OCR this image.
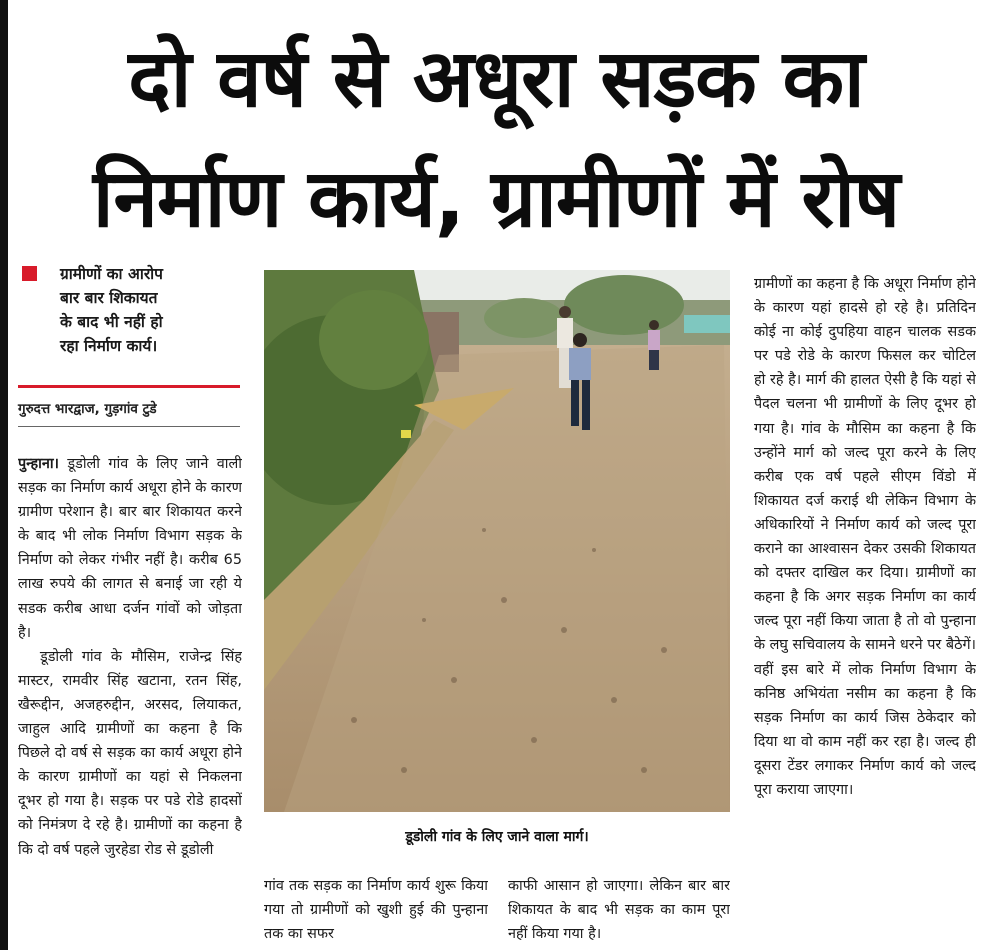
दो वर्ष से अधूरा सड़क का
निर्माण कार्य, ग्रामीणों में रोष
ग्रामीणों का आरोप
बार बार शिकायत
के बाद भी नहीं हो
रहा निर्माण कार्य।
गुरुदत्त भारद्वाज, गुड़गांव टुडे

पुन्हाना। डूडोली गांव के लिए जाने वाली सड़क का निर्माण कार्य अधूरा होने के कारण ग्रामीण परेशान है। बार बार शिकायत करने के बाद भी लोक निर्माण विभाग सड़क के निर्माण को लेकर गंभीर नहीं है। करीब 65 लाख रुपये की लागत से बनाई जा रही ये सडक करीब आधा दर्जन गांवों को जोड़ता है।

डूडोली गांव के मौसिम, राजेन्द्र सिंह मास्टर, रामवीर सिंह खटाना, रतन सिंह, खैरूद्दीन, अजहरुद्दीन, अरसद, लियाकत, जाहुल आदि ग्रामीणों का कहना है कि पिछले दो वर्ष से सड़क का कार्य अधूरा होने के कारण ग्रामीणों का यहां से निकलना दूभर हो गया है। सड़क पर पडे रोडे हादसों को निमंत्रण दे रहे है। ग्रामीणों का कहना है कि दो वर्ष पहले जुरहेडा रोड से डूडोली

डूडोली गांव के लिए जाने वाला मार्ग।
गांव तक सड़क का निर्माण कार्य शुरू किया गया तो ग्रामीणों को खुशी हुई की पुन्हाना तक का सफर
काफी आसान हो जाएगा। लेकिन बार बार शिकायत के बाद भी सड़क का काम पूरा नहीं किया गया है।
ग्रामीणों का कहना है कि अधूरा निर्माण होने के कारण यहां हादसे हो रहे है। प्रतिदिन कोई ना कोई दुपहिया वाहन चालक सडक पर पडे रोडे के कारण फिसल कर चोटिल हो रहे है। मार्ग की हालत ऐसी है कि यहां से पैदल चलना भी ग्रामीणों के लिए दूभर हो गया है। गांव के मौसिम का कहना है कि उन्होंने मार्ग को जल्द पूरा करने के लिए करीब एक वर्ष पहले सीएम विंडो में शिकायत दर्ज कराई थी लेकिन विभाग के अधिकारियों ने निर्माण कार्य को जल्द पूरा कराने का आश्वासन देकर उसकी शिकायत को दफ्तर दाखिल कर दिया। ग्रामीणों का कहना है कि अगर सड़क निर्माण का कार्य जल्द पूरा नहीं किया जाता है तो वो पुन्हाना के लघु सचिवालय के सामने धरने पर बैठेगें। वहीं इस बारे में लोक निर्माण विभाग के कनिष्ठ अभियंता नसीम का कहना है कि सड़क निर्माण का कार्य जिस ठेकेदार को दिया था वो काम नहीं कर रहा है। जल्द ही दूसरा टेंडर लगाकर निर्माण कार्य को जल्द पूरा कराया जाएगा।
